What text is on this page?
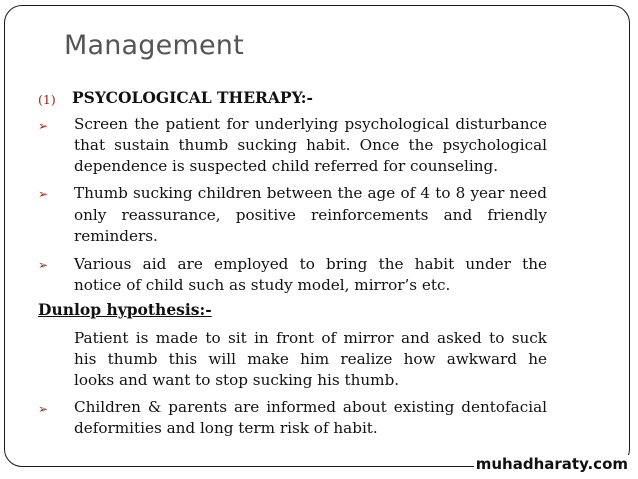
Management
(1) PSYCOLOGICAL THERAPY:-
➢ Screen the patient for underlying psychological disturbance
that sustain thumb sucking habit. Once the psychological
dependence is suspected child referred for counseling.
➢ Thumb sucking children between the age of 4 to 8 year need
only reassurance, positive reinforcements and friendly
reminders.
➢ Various aid are employed to bring the habit under the
notice of child such as study model, mirror’s etc.
Dunlop hypothesis:-
Patient is made to sit in front of mirror and asked to suck
his thumb this will make him realize how awkward he
looks and want to stop sucking his thumb.
➢ Children & parents are informed about existing dentofacial
deformities and long term risk of habit.
muhadharaty.com
